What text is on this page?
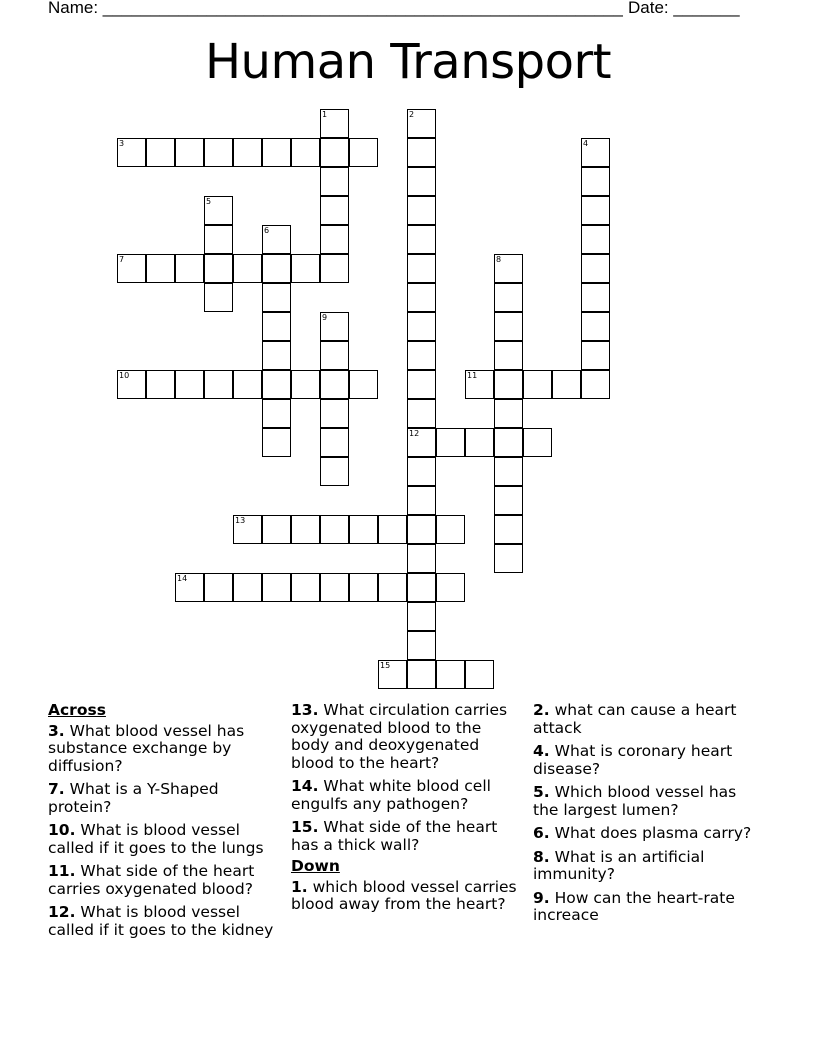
Name: _______________________________________________________ Date: _______
Human Transport
1	2
12
3	4
5
6
7	8
9
10	11
13
14
15
Across
3. What blood vessel has substance exchange by diffusion?
7. What is a Y-Shaped protein?
10. What is blood vessel called if it goes to the lungs
11. What side of the heart carries oxygenated blood?
12. What is blood vessel called if it goes to the kidney
13. What circulation carries oxygenated blood to the body and deoxygenated blood to the heart?
14. What white blood cell engulfs any pathogen?
15. What side of the heart has a thick wall?
Down
1. which blood vessel carries blood away from the heart?
2. what can cause a heart attack
4. What is coronary heart disease?
5. Which blood vessel has the largest lumen?
6. What does plasma carry?
8. What is an artificial immunity?
9. How can the heart-rate increace
